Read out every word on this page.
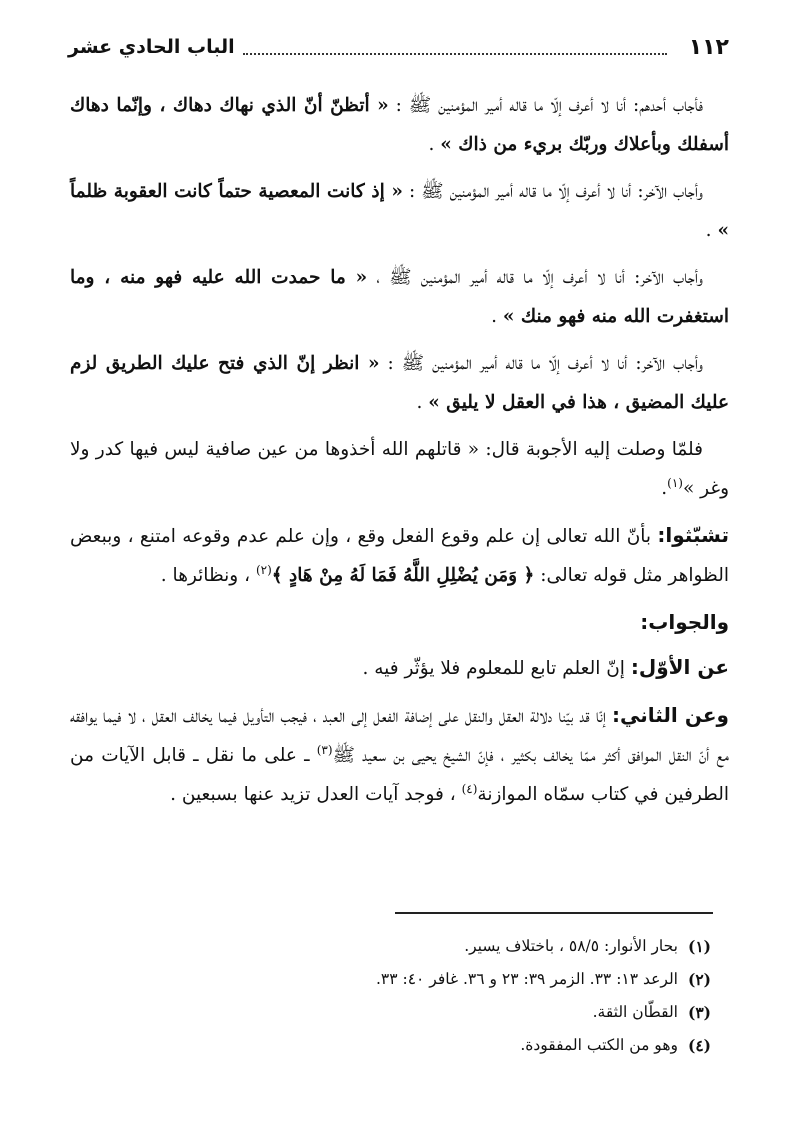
١١٢
الباب الحادي عشر

فأجاب أحدهم: أنا لا أعرف إلّا ما قاله أمير المؤمنين ﷺ : « أتظنّ أنّ الذي نهاك دهاك ، وإنّما دهاك أسفلك وبأعلاك وربّك بريء من ذاك » .

وأجاب الآخر: أنا لا أعرف إلّا ما قاله أمير المؤمنين ﷺ : « إذ كانت المعصية حتماً كانت العقوبة ظلماً » .

وأجاب الآخر: أنا لا أعرف إلّا ما قاله أمير المؤمنين ﷺ ، « ما حمدت الله عليه فهو منه ، وما استغفرت الله منه فهو منك » .

وأجاب الآخر: أنا لا أعرف إلّا ما قاله أمير المؤمنين ﷺ : « انظر إنّ الذي فتح عليك الطريق لزم عليك المضيق ، هذا في العقل لا يليق » .

فلمّا وصلت إليه الأجوبة قال: « قاتلهم الله أخذوها من عين صافية ليس فيها كدر ولا وغر »$^{(١)}$.

تشبّثوا: بأنّ الله تعالى إن علم وقوع الفعل وقع ، وإن علم عدم وقوعه امتنع ، وببعض الظواهر مثل قوله تعالى: ﴿ وَمَن يُضْلِلِ اللَّهُ فَمَا لَهُ مِنْ هَادٍ ﴾$^{(٢)}$ ، ونظائرها .

والجواب:

عن الأوّل: إنّ العلم تابع للمعلوم فلا يؤثّر فيه .

وعن الثاني: إنّا قد بيّنا دلالة العقل والنقل على إضافة الفعل إلى العبد ، فيجب التأويل فيما يخالف العقل ، لا فيما يوافقه مع أنّ النقل الموافق أكثر ممّا يخالف بكثير ، فإنّ الشيخ يحيى بن سعيد ﷺ$^{(٣)}$ ـ على ما نقل ـ قابل الآيات من الطرفين في كتاب سمّاه الموازنة$^{(٤)}$ ، فوجد آيات العدل تزيد عنها بسبعين .

(١)
بحار الأنوار: ٥٨/٥ ، باختلاف يسير.
(٢)
الرعد ١٣: ٣٣. الزمر ٣٩: ٢٣ و ٣٦. غافر ٤٠: ٣٣.
(٣)
القطّان الثقة.
(٤)
وهو من الكتب المفقودة.
